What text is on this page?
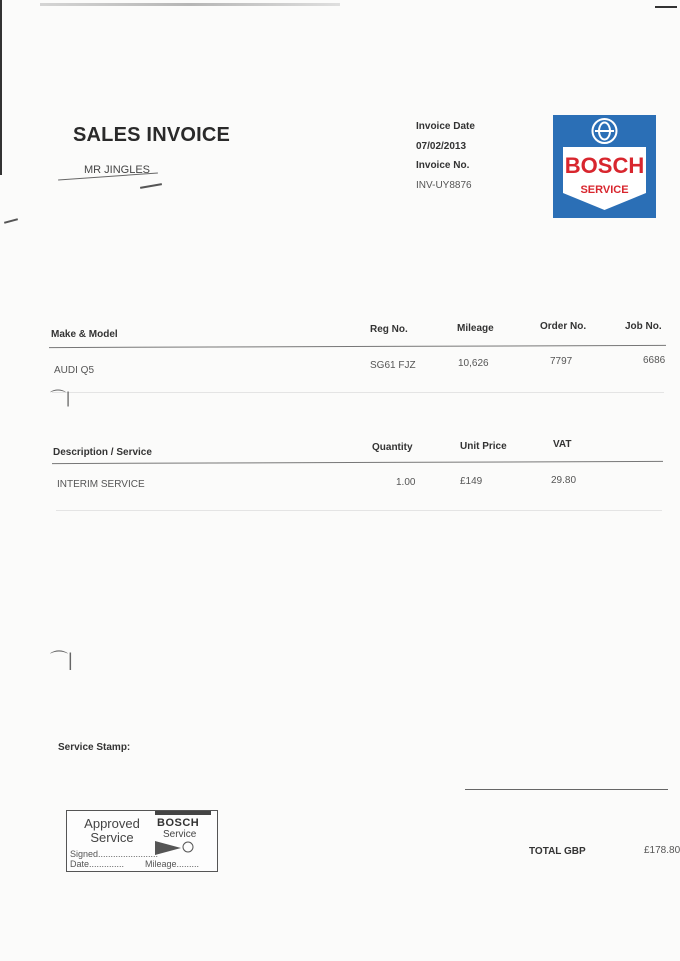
SALES INVOICE
MR JINGLES
Invoice Date
07/02/2013
Invoice No.
INV-UY8876
BOSCH
SERVICE
Make & Model	Reg No.	Mileage	Order No.	Job No.
AUDI Q5	SG61 FJZ	10,626	7797	6686
⌒|
Description / Service	Quantity	Unit Price	VAT
INTERIM SERVICE	1.00	£149	29.80
⌒|
Service Stamp:
Approved
Service
BOSCH
Service
Signed........................
Date.............. Mileage.........
TOTAL GBP	£178.80
